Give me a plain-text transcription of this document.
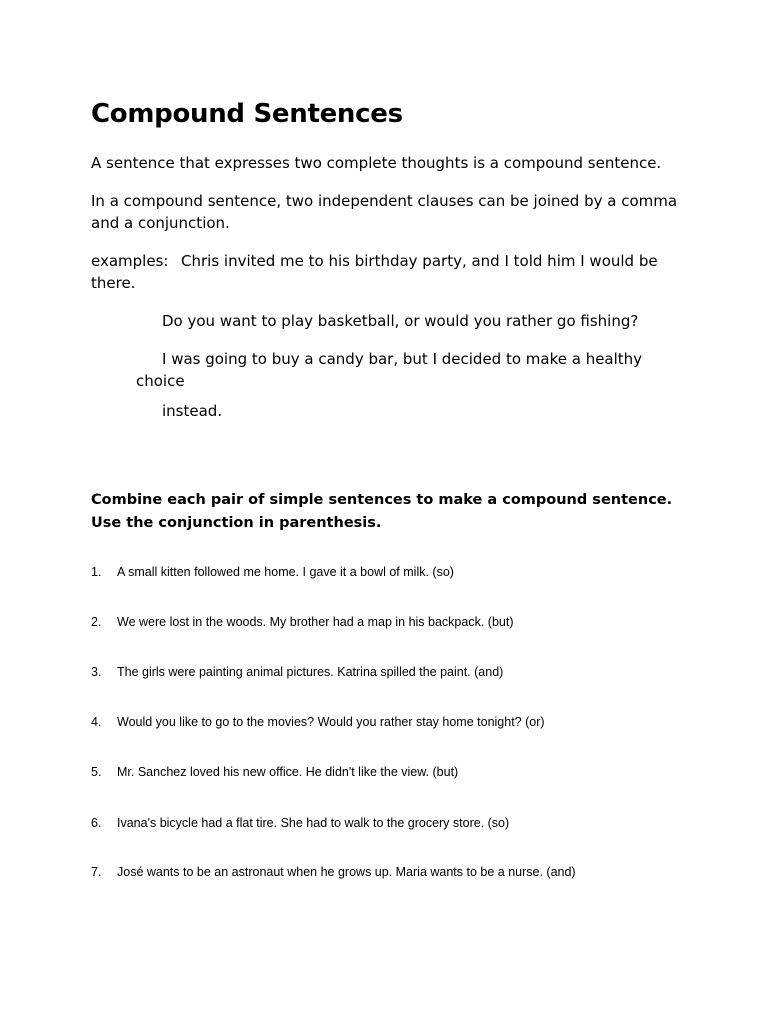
Compound Sentences

A sentence that expresses two complete thoughts is a compound sentence.

In a compound sentence, two independent clauses can be joined by a comma

and a conjunction.

examples: Chris invited me to his birthday party, and I told him I would be

there.

Do you want to play basketball, or would you rather go fishing?

I was going to buy a candy bar, but I decided to make a healthy

choice

instead.

Combine each pair of simple sentences to make a compound sentence. Use the conjunction in parenthesis.

1. A small kitten followed me home. I gave it a bowl of milk. (so)
2. We were lost in the woods. My brother had a map in his backpack. (but)
3. The girls were painting animal pictures. Katrina spilled the paint. (and)
4. Would you like to go to the movies? Would you rather stay home tonight? (or)
5. Mr. Sanchez loved his new office. He didn't like the view. (but)
6. Ivana's bicycle had a flat tire. She had to walk to the grocery store. (so)
7. José wants to be an astronaut when he grows up. Maria wants to be a nurse. (and)
